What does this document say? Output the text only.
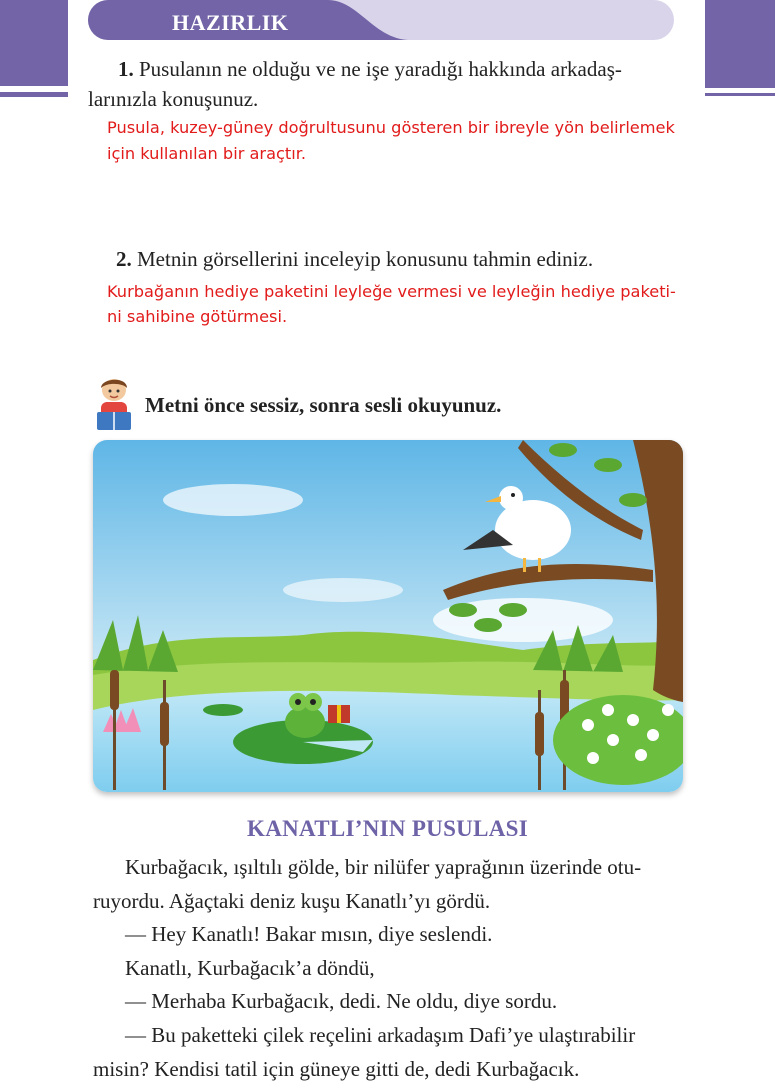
HAZIRLIK
1. Pusulanın ne olduğu ve ne işe yaradığı hakkında arkadaş-
larınızla konuşunuz.
Pusula, kuzey-güney doğrultusunu gösteren bir ibreyle yön belirlemek
için kullanılan bir araçtır.
2. Metnin görsellerini inceleyip konusunu tahmin ediniz.
Kurbağanın hediye paketini leyleğe vermesi ve leyleğin hediye paketi-
ni sahibine götürmesi.
Metni önce sessiz, sonra sesli okuyunuz.
KANATLI’NIN PUSULASI

Kurbağacık, ışıltılı gölde, bir nilüfer yaprağının üzerinde otu-

ruyordu. Ağaçtaki deniz kuşu Kanatlı’yı gördü.

— Hey Kanatlı! Bakar mısın, diye seslendi.

Kanatlı, Kurbağacık’a döndü,

— Merhaba Kurbağacık, dedi. Ne oldu, diye sordu.

— Bu paketteki çilek reçelini arkadaşım Dafi’ye ulaştırabilir

misin? Kendisi tatil için güneye gitti de, dedi Kurbağacık.
